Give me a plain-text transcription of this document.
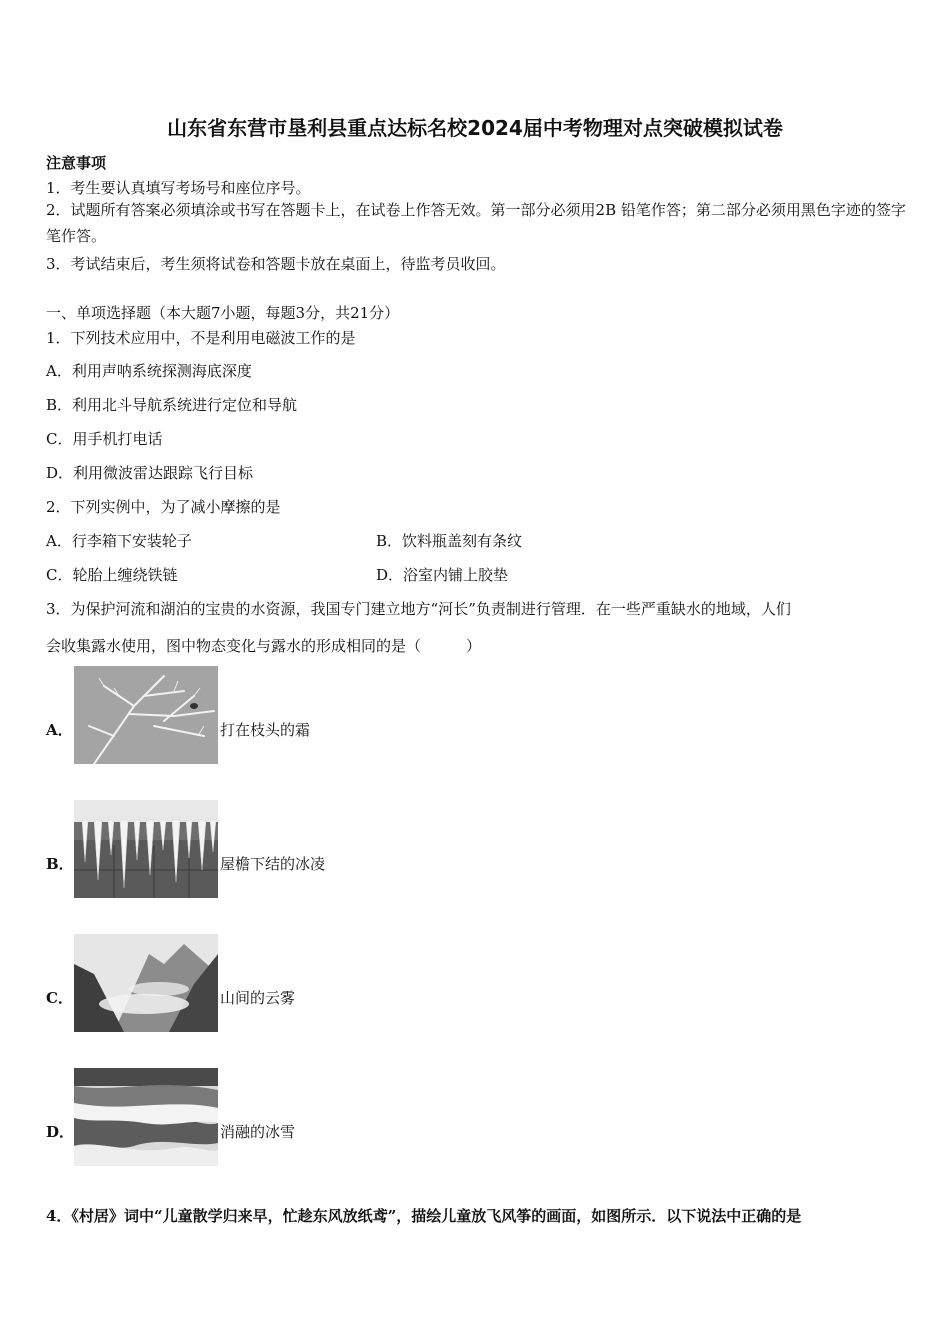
山东省东营市垦利县重点达标名校2024届中考物理对点突破模拟试卷
注意事项
1．考生要认真填写考场号和座位序号。
2．试题所有答案必须填涂或书写在答题卡上，在试卷上作答无效。第一部分必须用2B 铅笔作答；第二部分必须用黑色字迹的签字笔作答。
3．考试结束后，考生须将试卷和答题卡放在桌面上，待监考员收回。
一、单项选择题（本大题7小题，每题3分，共21分）
1．下列技术应用中，不是利用电磁波工作的是
A．利用声呐系统探测海底深度
B．利用北斗导航系统进行定位和导航
C．用手机打电话
D．利用微波雷达跟踪飞行目标
2．下列实例中，为了减小摩擦的是
A．行李箱下安装轮子	B．饮料瓶盖刻有条纹
C．轮胎上缠绕铁链	D．浴室内铺上胶垫
3．为保护河流和湖泊的宝贵的水资源，我国专门建立地方“河长”负责制进行管理．在一些严重缺水的地域，人们
会收集露水使用，图中物态变化与露水的形成相同的是（　　　）
A．	打在枝头的霜
B．	屋檐下结的冰凌
C．	山间的云雾
D．	消融的冰雪
4．《村居》词中“儿童散学归来早，忙趁东风放纸鸢”，描绘儿童放飞风筝的画面，如图所示．以下说法中正确的是
